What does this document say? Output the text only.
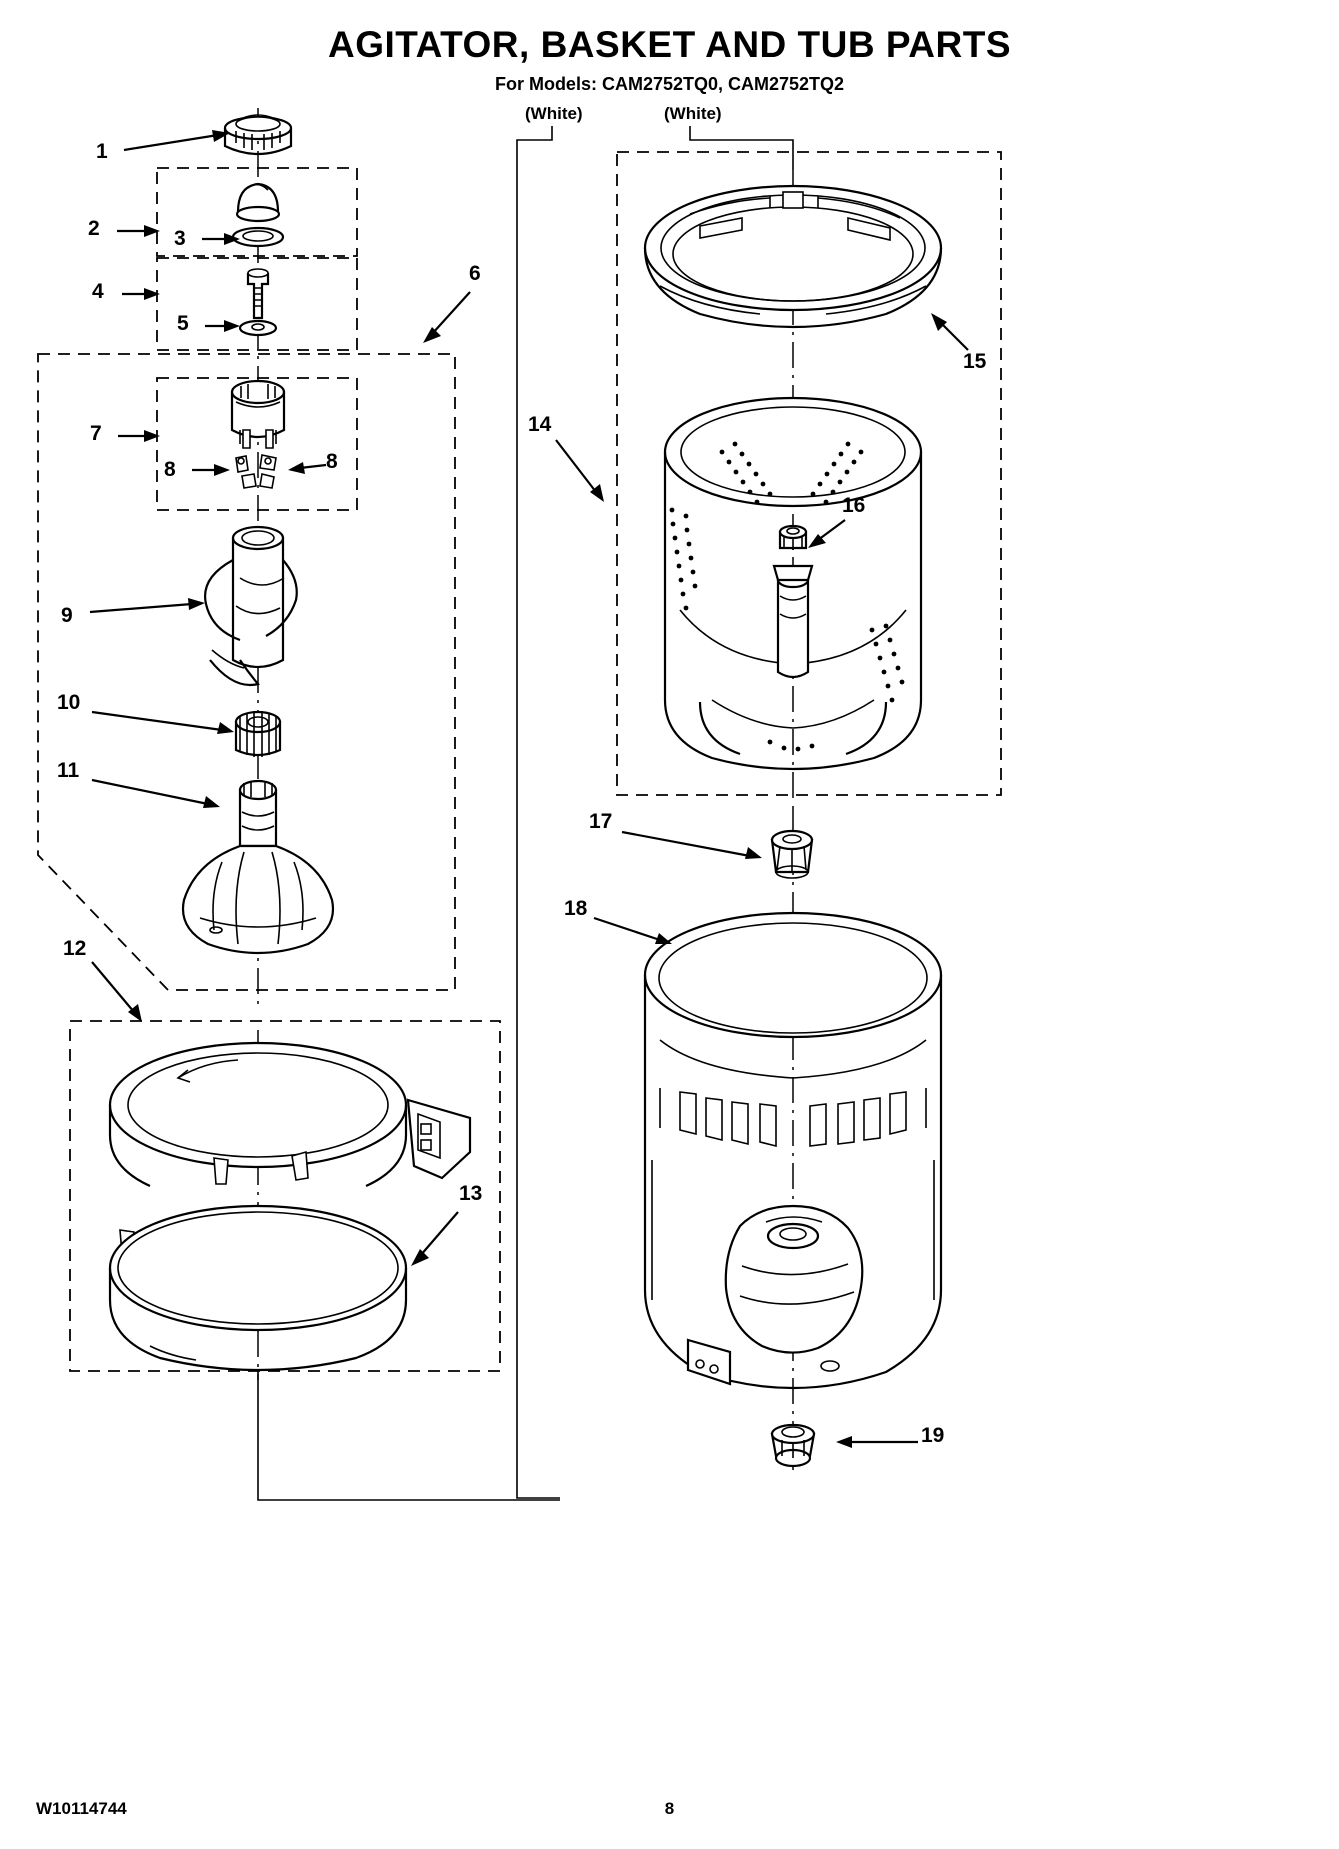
AGITATOR, BASKET AND TUB PARTS
For Models: CAM2752TQ0, CAM2752TQ2
(White)	(White)
1
2	3
4
5
6
7
8	8
9
10
11
12
13
14
15
16
17
18
19
W10114744	8
